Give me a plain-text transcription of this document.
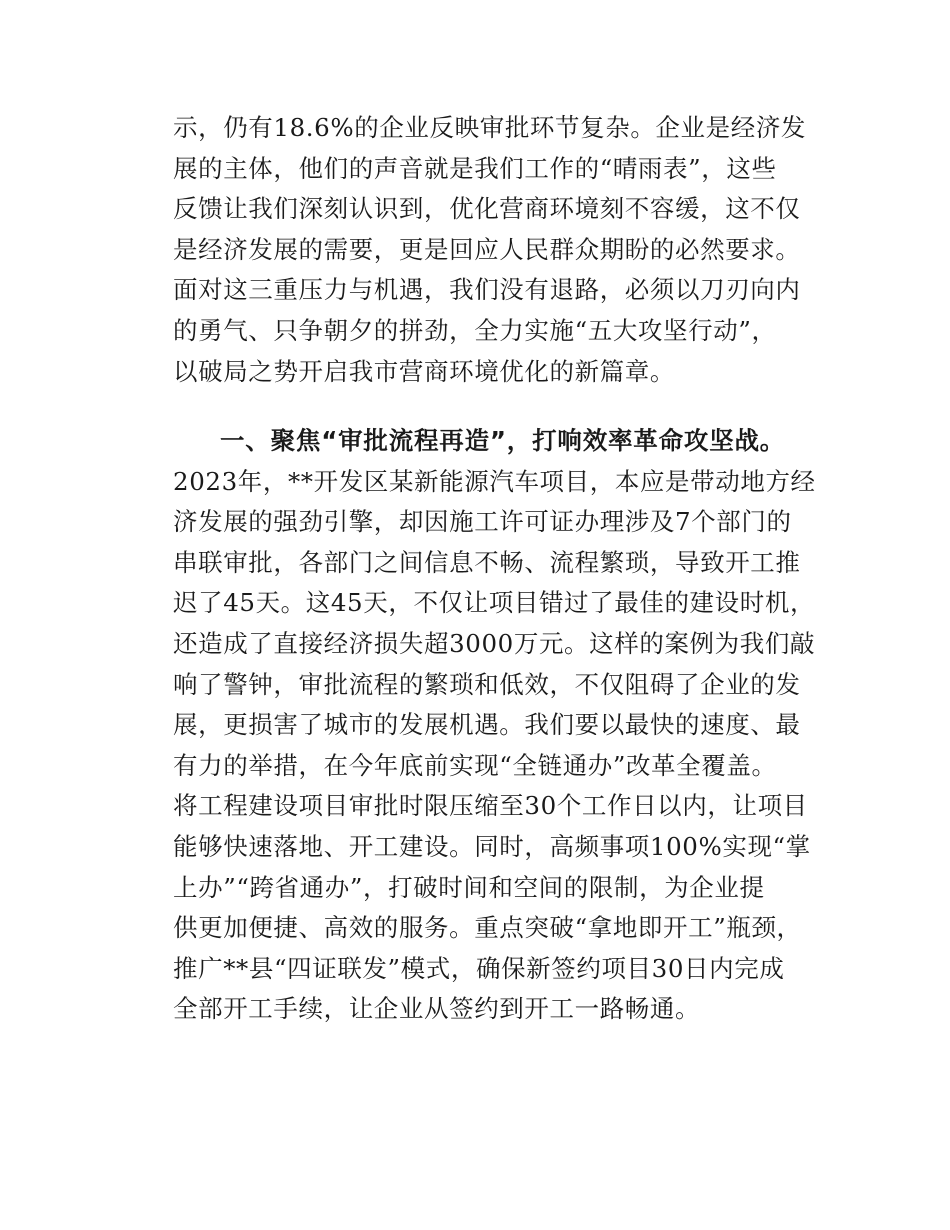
示，仍有18.6%的企业反映审批环节复杂。企业是经济发
展的主体，他们的声音就是我们工作的“晴雨表”，这些
反馈让我们深刻认识到，优化营商环境刻不容缓，这不仅
是经济发展的需要，更是回应人民群众期盼的必然要求。
面对这三重压力与机遇，我们没有退路，必须以刀刃向内
的勇气、只争朝夕的拼劲，全力实施“五大攻坚行动”，
以破局之势开启我市营商环境优化的新篇章。
一、聚焦“审批流程再造”，打响效率革命攻坚战。
2023年，**开发区某新能源汽车项目，本应是带动地方经
济发展的强劲引擎，却因施工许可证办理涉及7个部门的
串联审批，各部门之间信息不畅、流程繁琐，导致开工推
迟了45天。这45天，不仅让项目错过了最佳的建设时机，
还造成了直接经济损失超3000万元。这样的案例为我们敲
响了警钟，审批流程的繁琐和低效，不仅阻碍了企业的发
展，更损害了城市的发展机遇。我们要以最快的速度、最
有力的举措，在今年底前实现“全链通办”改革全覆盖。
将工程建设项目审批时限压缩至30个工作日以内，让项目
能够快速落地、开工建设。同时，高频事项100%实现“掌
上办”“跨省通办”，打破时间和空间的限制，为企业提
供更加便捷、高效的服务。重点突破“拿地即开工”瓶颈，
推广**县“四证联发”模式，确保新签约项目30日内完成
全部开工手续，让企业从签约到开工一路畅通。
